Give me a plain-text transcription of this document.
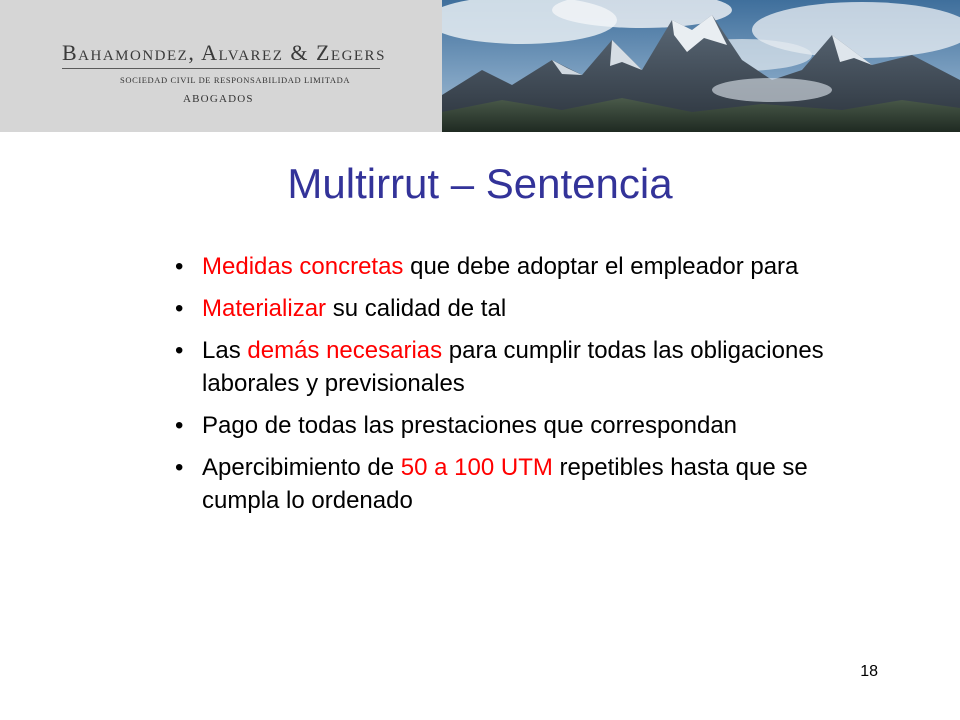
Bahamondez, Alvarez & Zegers
SOCIEDAD CIVIL DE RESPONSABILIDAD LIMITADA
ABOGADOS
Multirrut – Sentencia
• Medidas concretas que debe adoptar el empleador para
• Materializar su calidad de tal
• Las demás necesarias para cumplir todas las obligaciones laborales y previsionales
• Pago de todas las prestaciones que correspondan
• Apercibimiento de 50 a 100 UTM repetibles hasta que se cumpla lo ordenado
18
